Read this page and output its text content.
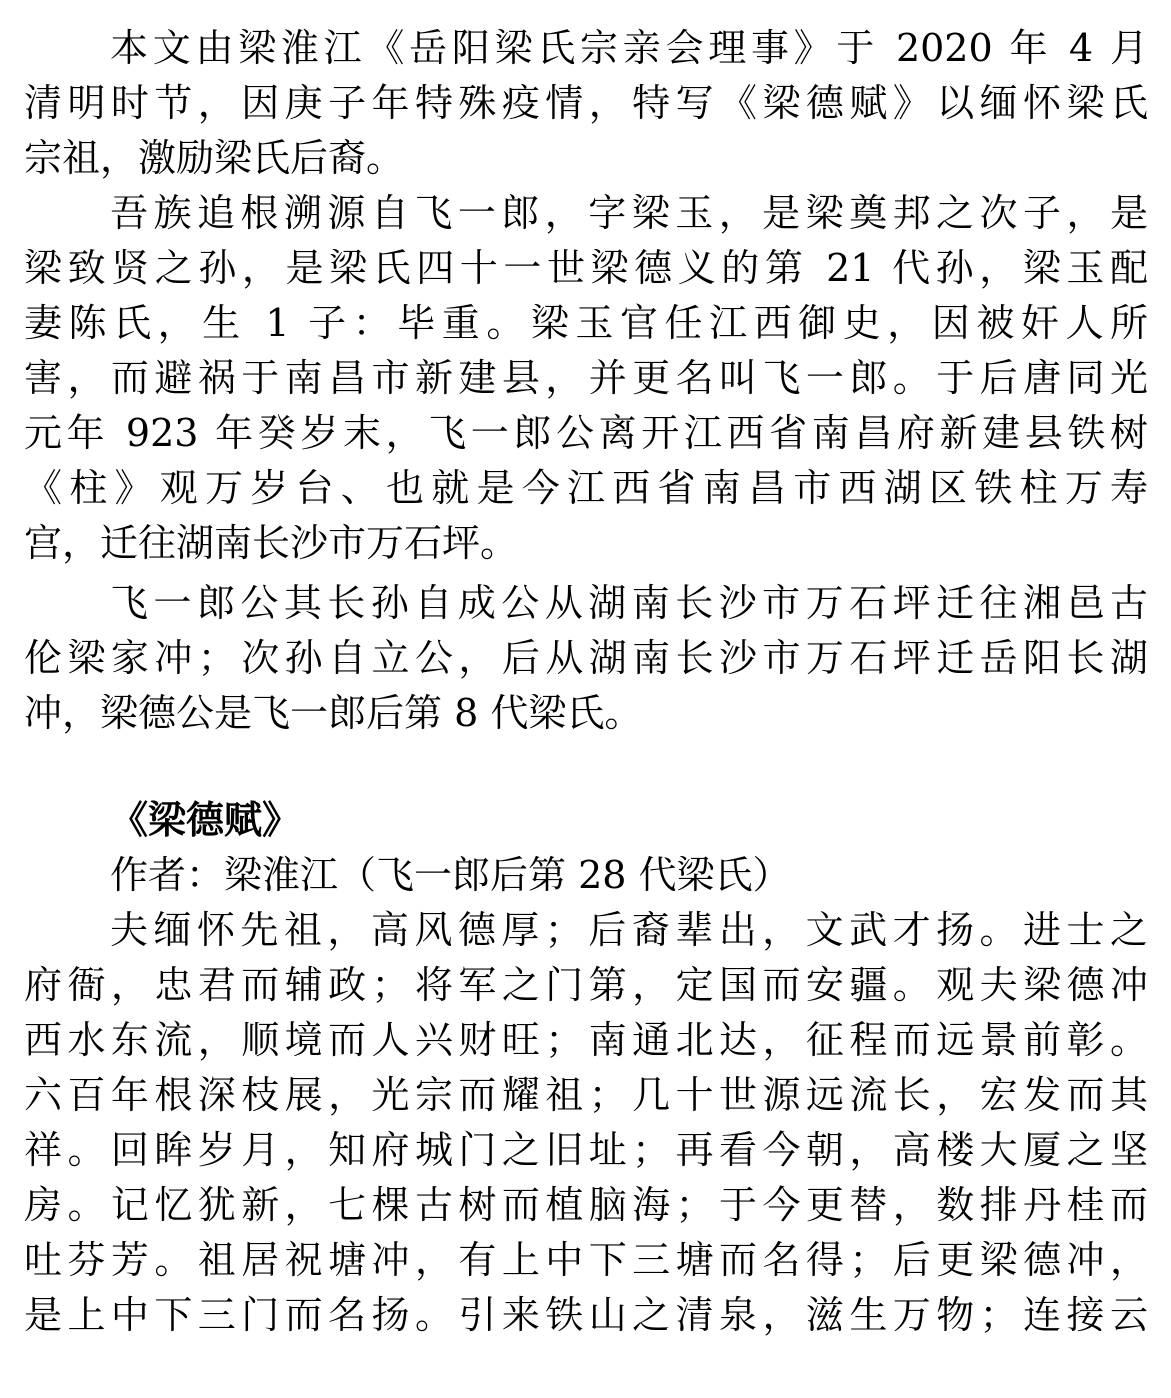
本文由梁淮江《岳阳梁氏宗亲会理事》于 2020 年 4 月
清明时节，因庚子年特殊疫情，特写《梁德赋》以缅怀梁氏
宗祖，激励梁氏后裔。
吾族追根溯源自飞一郎，字梁玉，是梁奠邦之次子，是
梁致贤之孙，是梁氏四十一世梁德义的第 21 代孙，梁玉配
妻陈氏，生 1 子：毕重。梁玉官任江西御史，因被奸人所
害，而避祸于南昌市新建县，并更名叫飞一郎。于后唐同光
元年 923 年癸岁末，飞一郎公离开江西省南昌府新建县铁树
《柱》观万岁台、也就是今江西省南昌市西湖区铁柱万寿
宫，迁往湖南长沙市万石坪。
飞一郎公其长孙自成公从湖南长沙市万石坪迁往湘邑古
伦梁家冲；次孙自立公，后从湖南长沙市万石坪迁岳阳长湖
冲，梁德公是飞一郎后第 8 代梁氏。
《梁德赋》
作者：梁淮江（飞一郎后第 28 代梁氏）
夫缅怀先祖，高风德厚；后裔辈出，文武才扬。进士之
府衙，忠君而辅政；将军之门第，定国而安疆。观夫梁德冲
西水东流，顺境而人兴财旺；南通北达，征程而远景前彰。
六百年根深枝展，光宗而耀祖；几十世源远流长，宏发而其
祥。回眸岁月，知府城门之旧址；再看今朝，高楼大厦之坚
房。记忆犹新，七棵古树而植脑海；于今更替，数排丹桂而
吐芬芳。祖居祝塘冲，有上中下三塘而名得；后更梁德冲，
是上中下三门而名扬。引来铁山之清泉，滋生万物；连接云
